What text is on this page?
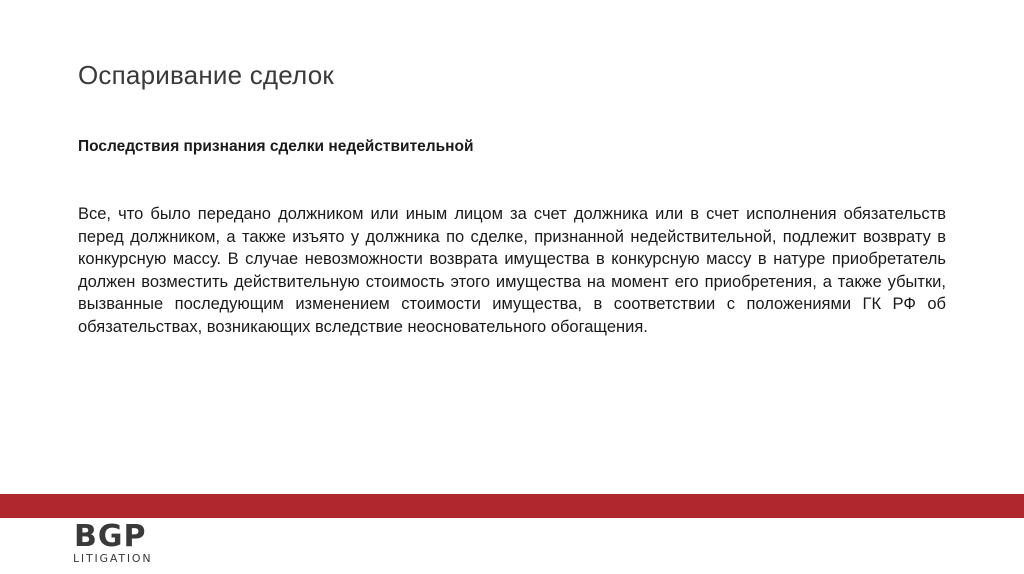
Оспаривание сделок
Последствия признания сделки недействительной

Все, что было передано должником или иным лицом за счет должника или в счет исполнения обязательств перед должником, а также изъято у должника по сделке, признанной недействительной, подлежит возврату в конкурсную массу. В случае невозможности возврата имущества в конкурсную массу в натуре приобретатель должен возместить действительную стоимость этого имущества на момент его приобретения, а также убытки, вызванные последующим изменением стоимости имущества, в соответствии с положениями ГК РФ об обязательствах, возникающих вследствие неосновательного обогащения.

BGP
LITIGATION
